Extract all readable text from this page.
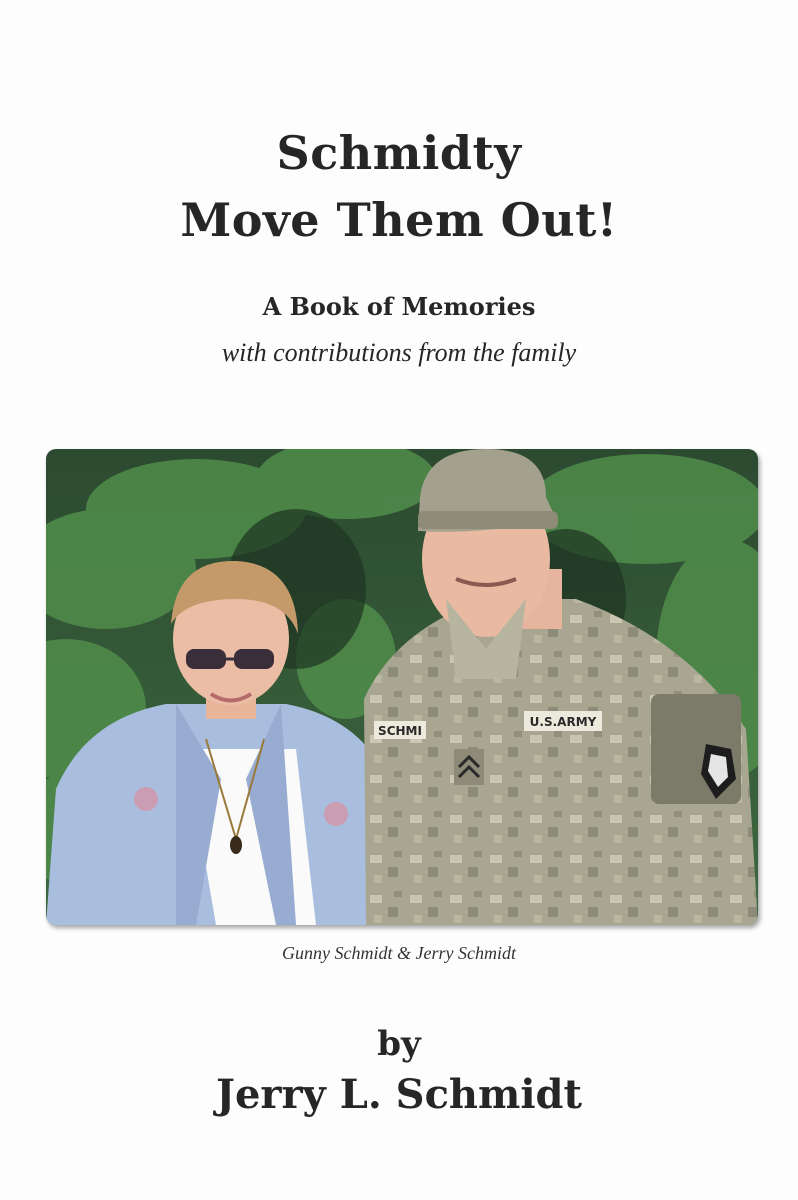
Schmidty
Move Them Out!
A Book of Memories

with contributions from the family

SCHMI
U.S.ARMY

Gunny Schmidt & Jerry Schmidt

by

Jerry L. Schmidt
